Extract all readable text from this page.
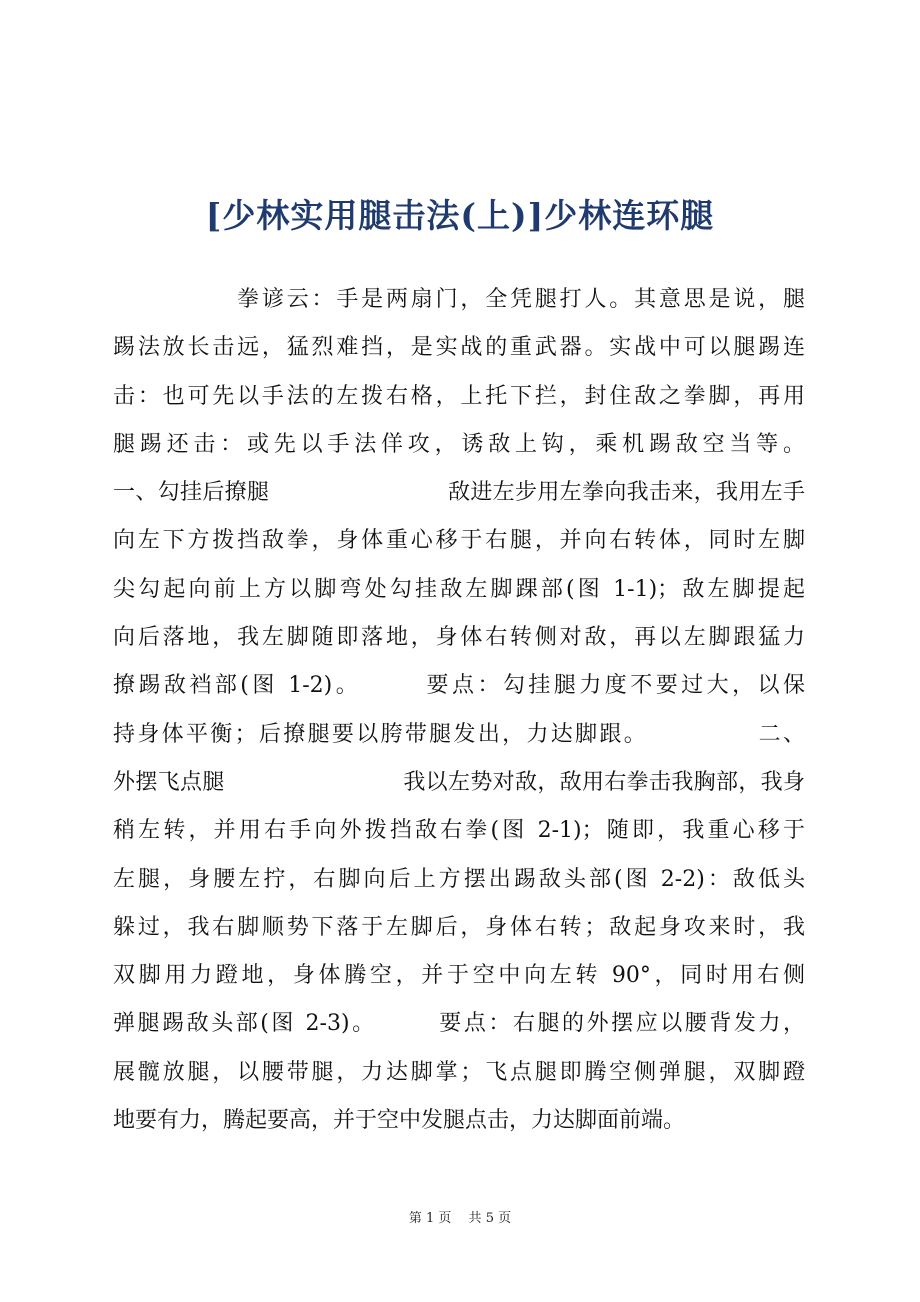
[少林实用腿击法(上)]少林连环腿
　　　　　拳谚云：手是两扇门，全凭腿打人。其意思是说，腿
踢法放长击远，猛烈难挡，是实战的重武器。实战中可以腿踢连
击：也可先以手法的左拨右格，上托下拦，封住敌之拳脚，再用
腿踢还击：或先以手法佯攻，诱敌上钩，乘机踢敌空当等。
一、勾挂后撩腿　　　　　　　　敌进左步用左拳向我击来，我用左手
向左下方拨挡敌拳，身体重心移于右腿，并向右转体，同时左脚
尖勾起向前上方以脚弯处勾挂敌左脚踝部(图 1-1)；敌左脚提起
向后落地，我左脚随即落地，身体右转侧对敌，再以左脚跟猛力
撩踢敌裆部(图 1-2)。　　　要点：勾挂腿力度不要过大，以保
持身体平衡；后撩腿要以胯带腿发出，力达脚跟。　　　　　二、
外摆飞点腿　　　　　　　　我以左势对敌，敌用右拳击我胸部，我身
稍左转，并用右手向外拨挡敌右拳(图 2-1)；随即，我重心移于
左腿，身腰左拧，右脚向后上方摆出踢敌头部(图 2-2)：敌低头
躲过，我右脚顺势下落于左脚后，身体右转；敌起身攻来时，我
双脚用力蹬地，身体腾空，并于空中向左转 90°，同时用右侧
弹腿踢敌头部(图 2-3)。　　　要点：右腿的外摆应以腰背发力，
展髋放腿，以腰带腿，力达脚掌；飞点腿即腾空侧弹腿，双脚蹬
地要有力，腾起要高，并于空中发腿点击，力达脚面前端。
第 1 页　 共 5 页
